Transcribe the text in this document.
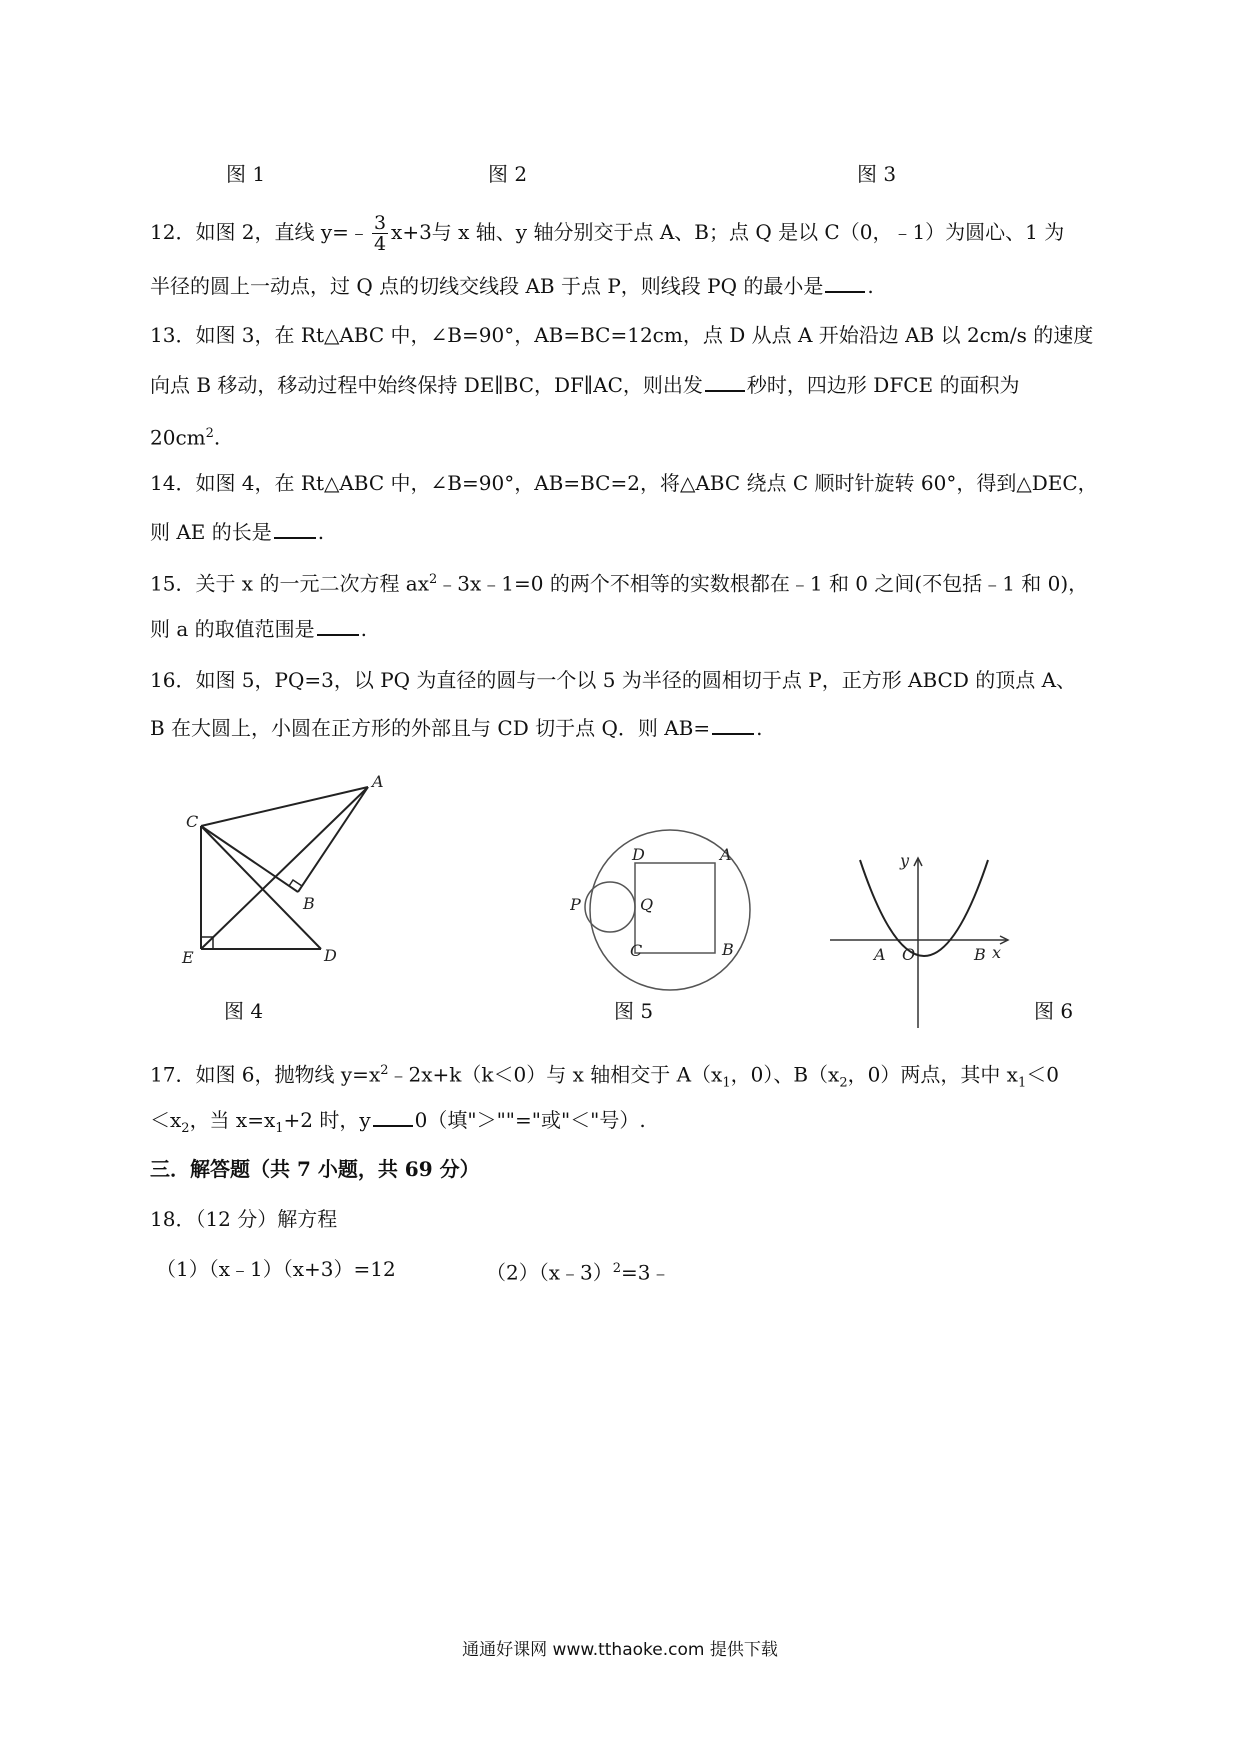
图 1	图 2	图 3
12．如图 2，直线 y=﹣ $\frac{3}{4} x+3$与 x 轴、y 轴分别交于点 A、B；点 Q 是以 C（0，﹣1）为圆心、1 为
半径的圆上一动点，过 Q 点的切线交线段 AB 于点 P，则线段 PQ 的最小是 .
13．如图 3，在 Rt△ABC 中，∠B=90°，AB=BC=12cm，点 D 从点 A 开始沿边 AB 以 2cm/s 的速度
向点 B 移动，移动过程中始终保持 DE∥BC，DF∥AC，则出发 秒时，四边形 DFCE 的面积为
$20cm^2$.
14．如图 4，在 Rt△ABC 中，∠B=90°，AB=BC=2，将△ABC 绕点 C 顺时针旋转 60°，得到△DEC，
则 AE 的长是 .
15．关于 x 的一元二次方程 $ax^2﹣3x﹣1=0$ 的两个不相等的实数根都在﹣1 和 0 之间(不包括﹣1 和 0)，
则 a 的取值范围是 .
16．如图 5，PQ=3，以 PQ 为直径的圆与一个以 5 为半径的圆相切于点 P，正方形 ABCD 的顶点 A、
B 在大圆上，小圆在正方形的外部且与 CD 切于点 Q．则 AB= .
A
C
B
E	D
图 4
D	A
P	Q
C	B
图 5
y
A O	B x
图 6
17．如图 6，抛物线 $y=x^2﹣2x+k(k<0)$与 x 轴相交于 $A(x_1$，0）、$B(x_2$，0）两点，其中 $x_1<0$
$<x_2$，当 $x=x_1+2$ 时，y 0（填"＞""="或"＜"号）.
三．解答题（共 7 小题，共 69 分）
18．（12 分）解方程
（1）（x﹣1）（x+3）=12	（2）（x﹣3）$^2$=3﹣
通通好课网 www.tthaoke.com 提供下载
